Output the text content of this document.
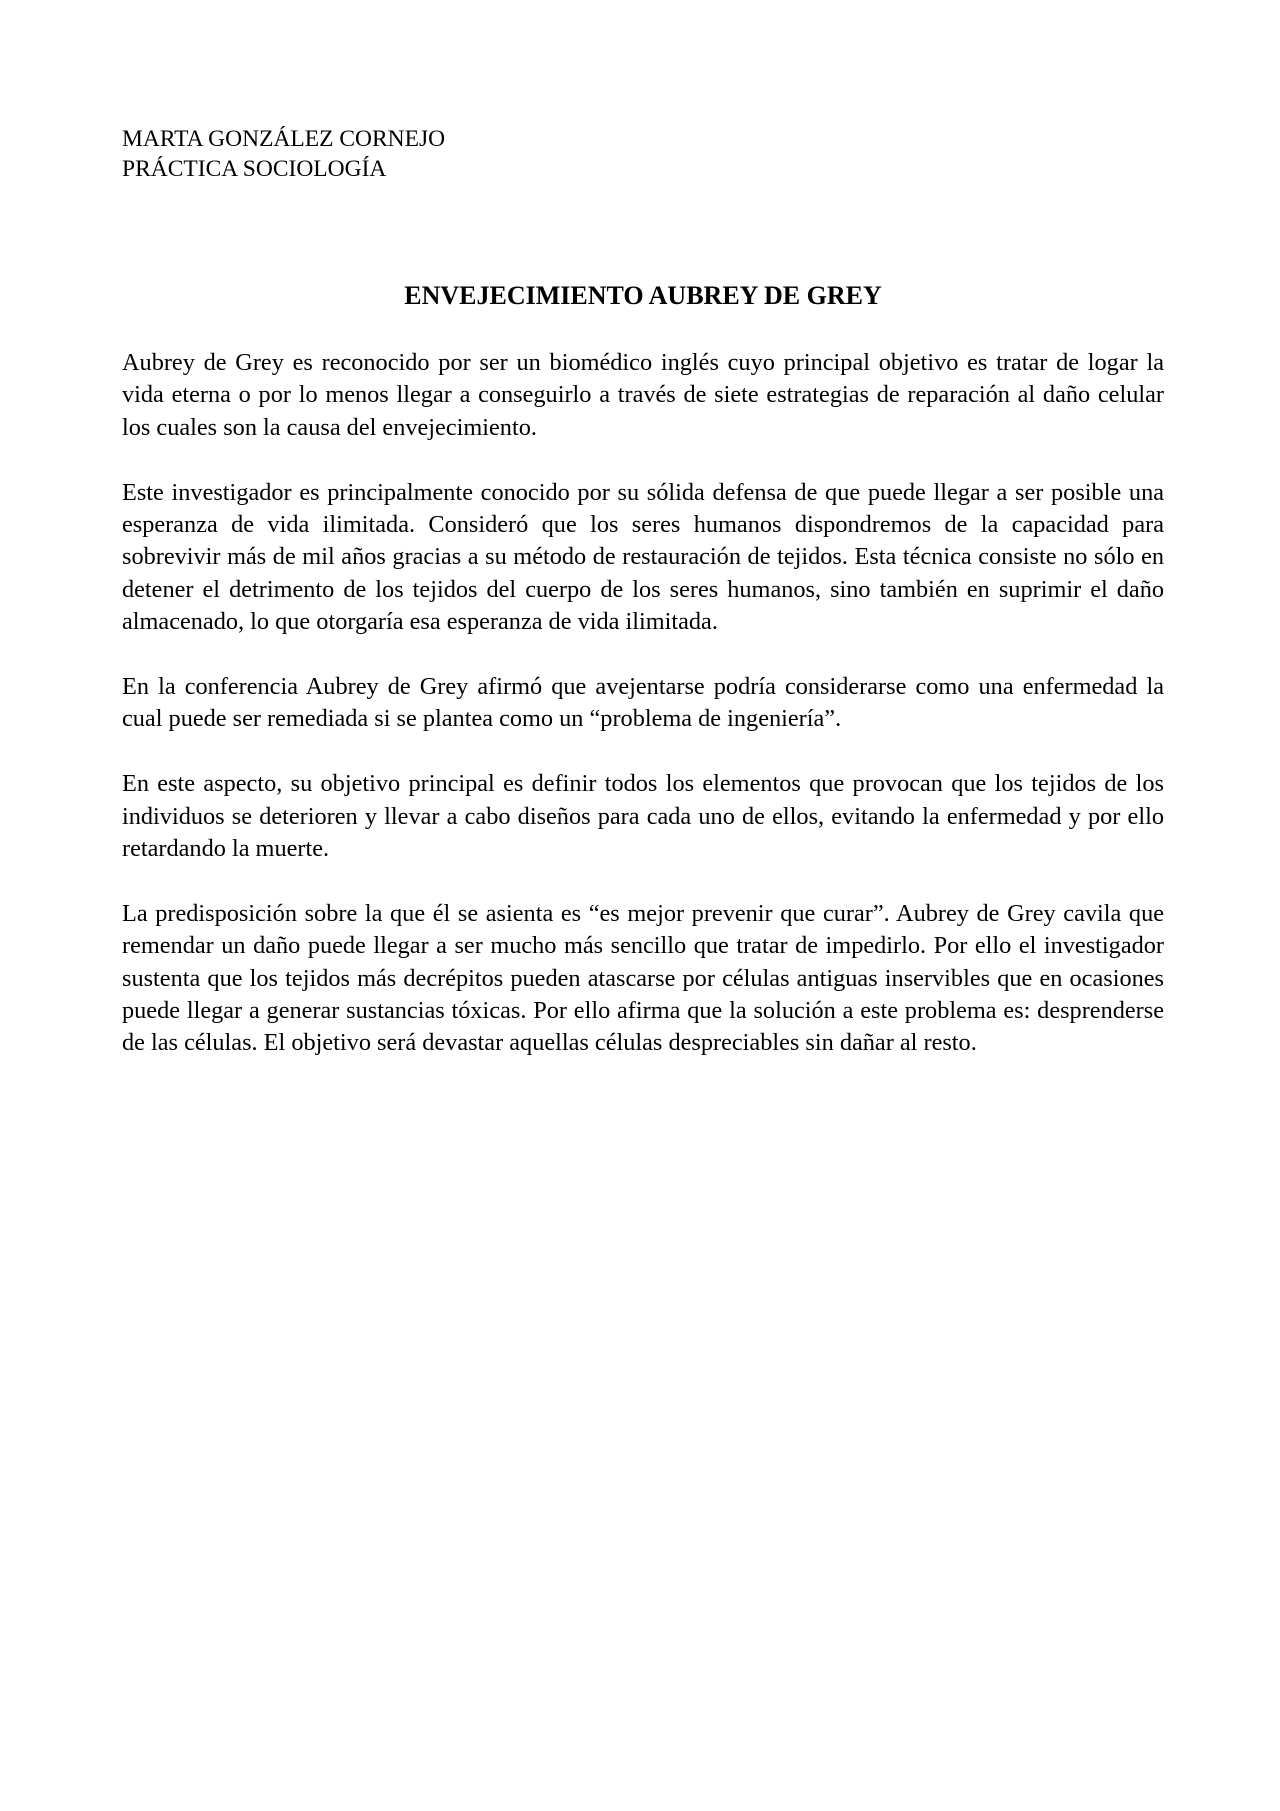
MARTA GONZÁLEZ CORNEJO
PRÁCTICA SOCIOLOGÍA
ENVEJECIMIENTO AUBREY DE GREY

Aubrey de Grey es reconocido por ser un biomédico inglés cuyo principal objetivo es tratar de logar la vida eterna o por lo menos llegar a conseguirlo a través de siete estrategias de reparación al daño celular los cuales son la causa del envejecimiento.

Este investigador es principalmente conocido por su sólida defensa de que puede llegar a ser posible una esperanza de vida ilimitada. Consideró que los seres humanos dispondremos de la capacidad para sobrevivir más de mil años gracias a su método de restauración de tejidos. Esta técnica consiste no sólo en detener el detrimento de los tejidos del cuerpo de los seres humanos, sino también en suprimir el daño almacenado, lo que otorgaría esa esperanza de vida ilimitada.

En la conferencia Aubrey de Grey afirmó que avejentarse podría considerarse como una enfermedad la cual puede ser remediada si se plantea como un “problema de ingeniería”.

En este aspecto, su objetivo principal es definir todos los elementos que provocan que los tejidos de los individuos se deterioren y llevar a cabo diseños para cada uno de ellos, evitando la enfermedad y por ello retardando la muerte.

La predisposición sobre la que él se asienta es “es mejor prevenir que curar”. Aubrey de Grey cavila que remendar un daño puede llegar a ser mucho más sencillo que tratar de impedirlo. Por ello el investigador sustenta que los tejidos más decrépitos pueden atascarse por células antiguas inservibles que en ocasiones puede llegar a generar sustancias tóxicas. Por ello afirma que la solución a este problema es: desprenderse de las células. El objetivo será devastar aquellas células despreciables sin dañar al resto.
